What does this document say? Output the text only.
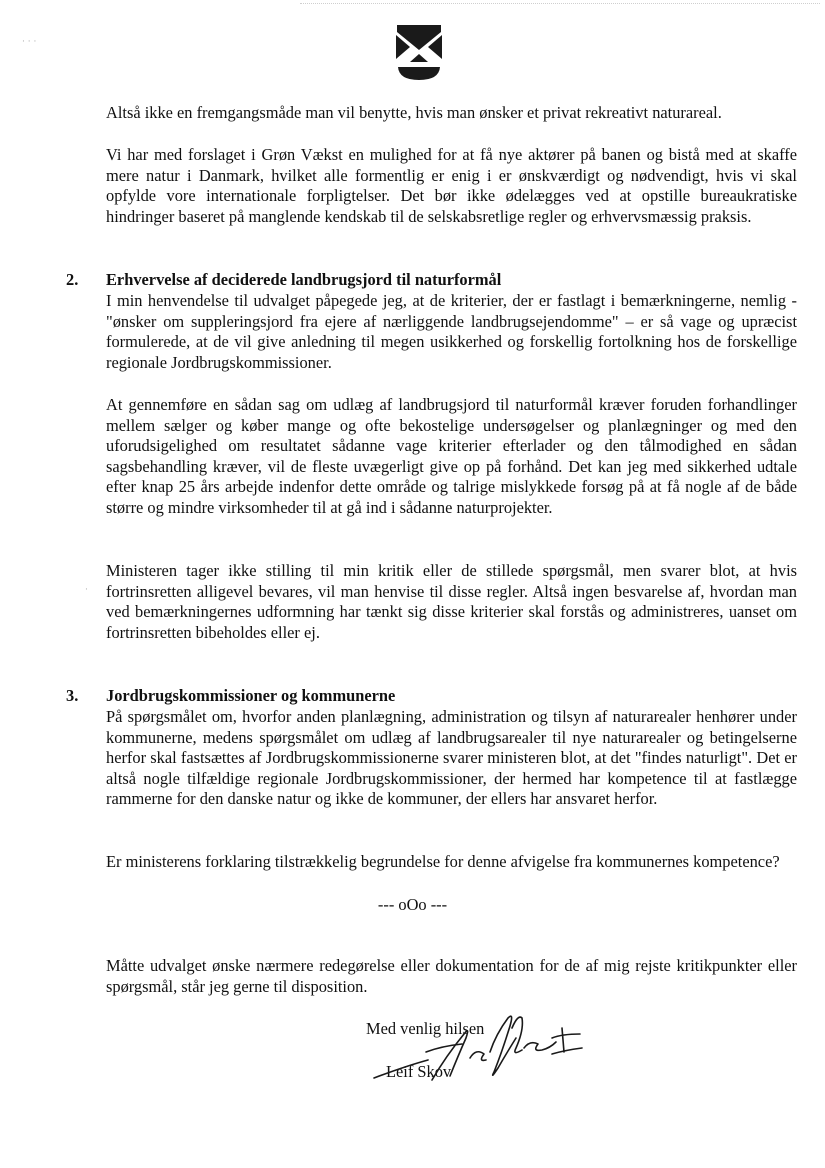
· · ·
·

Altså ikke en fremgangsmåde man vil benytte, hvis man ønsker et privat rekreativt naturareal.

Vi har med forslaget i Grøn Vækst en mulighed for at få nye aktører på banen og bistå med at skaffe mere natur i Danmark, hvilket alle formentlig er enig i er ønskværdigt og nødvendigt, hvis vi skal opfylde vore internationale forpligtelser. Det bør ikke ødelægges ved at opstille bureaukratiske hindringer baseret på manglende kendskab til de selskabsretlige regler og erhvervsmæssig praksis.

2. Erhvervelse af deciderede landbrugsjord til naturformål

I min henvendelse til udvalget påpegede jeg, at de kriterier, der er fastlagt i bemærkningerne, nemlig - "ønsker om suppleringsjord fra ejere af nærliggende landbrugsejendomme" – er så vage og upræcist formulerede, at de vil give anledning til megen usikkerhed og forskellig fortolkning hos de forskellige regionale Jordbrugskommissioner.

At gennemføre en sådan sag om udlæg af landbrugsjord til naturformål kræver foruden forhandlinger mellem sælger og køber mange og ofte bekostelige undersøgelser og planlægninger og med den uforudsigelighed om resultatet sådanne vage kriterier efterlader og den tålmodighed en sådan sagsbehandling kræver, vil de fleste uvægerligt give op på forhånd. Det kan jeg med sikkerhed udtale efter knap 25 års arbejde indenfor dette område og talrige mislykkede forsøg på at få nogle af de både større og mindre virksomheder til at gå ind i sådanne naturprojekter.

Ministeren tager ikke stilling til min kritik eller de stillede spørgsmål, men svarer blot, at hvis fortrinsretten alligevel bevares, vil man henvise til disse regler. Altså ingen besvarelse af, hvordan man ved bemærkningernes udformning har tænkt sig disse kriterier skal forstås og administreres, uanset om fortrinsretten bibeholdes eller ej.

3. Jordbrugskommissioner og kommunerne

På spørgsmålet om, hvorfor anden planlægning, administration og tilsyn af naturarealer henhører under kommunerne, medens spørgsmålet om udlæg af landbrugsarealer til nye naturarealer og betingelserne herfor skal fastsættes af Jordbrugskommissionerne svarer ministeren blot, at det "findes naturligt". Det er altså nogle tilfældige regionale Jordbrugskommissioner, der hermed har kompetence til at fastlægge rammerne for den danske natur og ikke de kommuner, der ellers har ansvaret herfor.

Er ministerens forklaring tilstrækkelig begrundelse for denne afvigelse fra kommunernes kompetence?

--- oOo ---

Måtte udvalget ønske nærmere redegørelse eller dokumentation for de af mig rejste kritikpunkter eller spørgsmål, står jeg gerne til disposition.

Med venlig hilsen

Leif Skov
